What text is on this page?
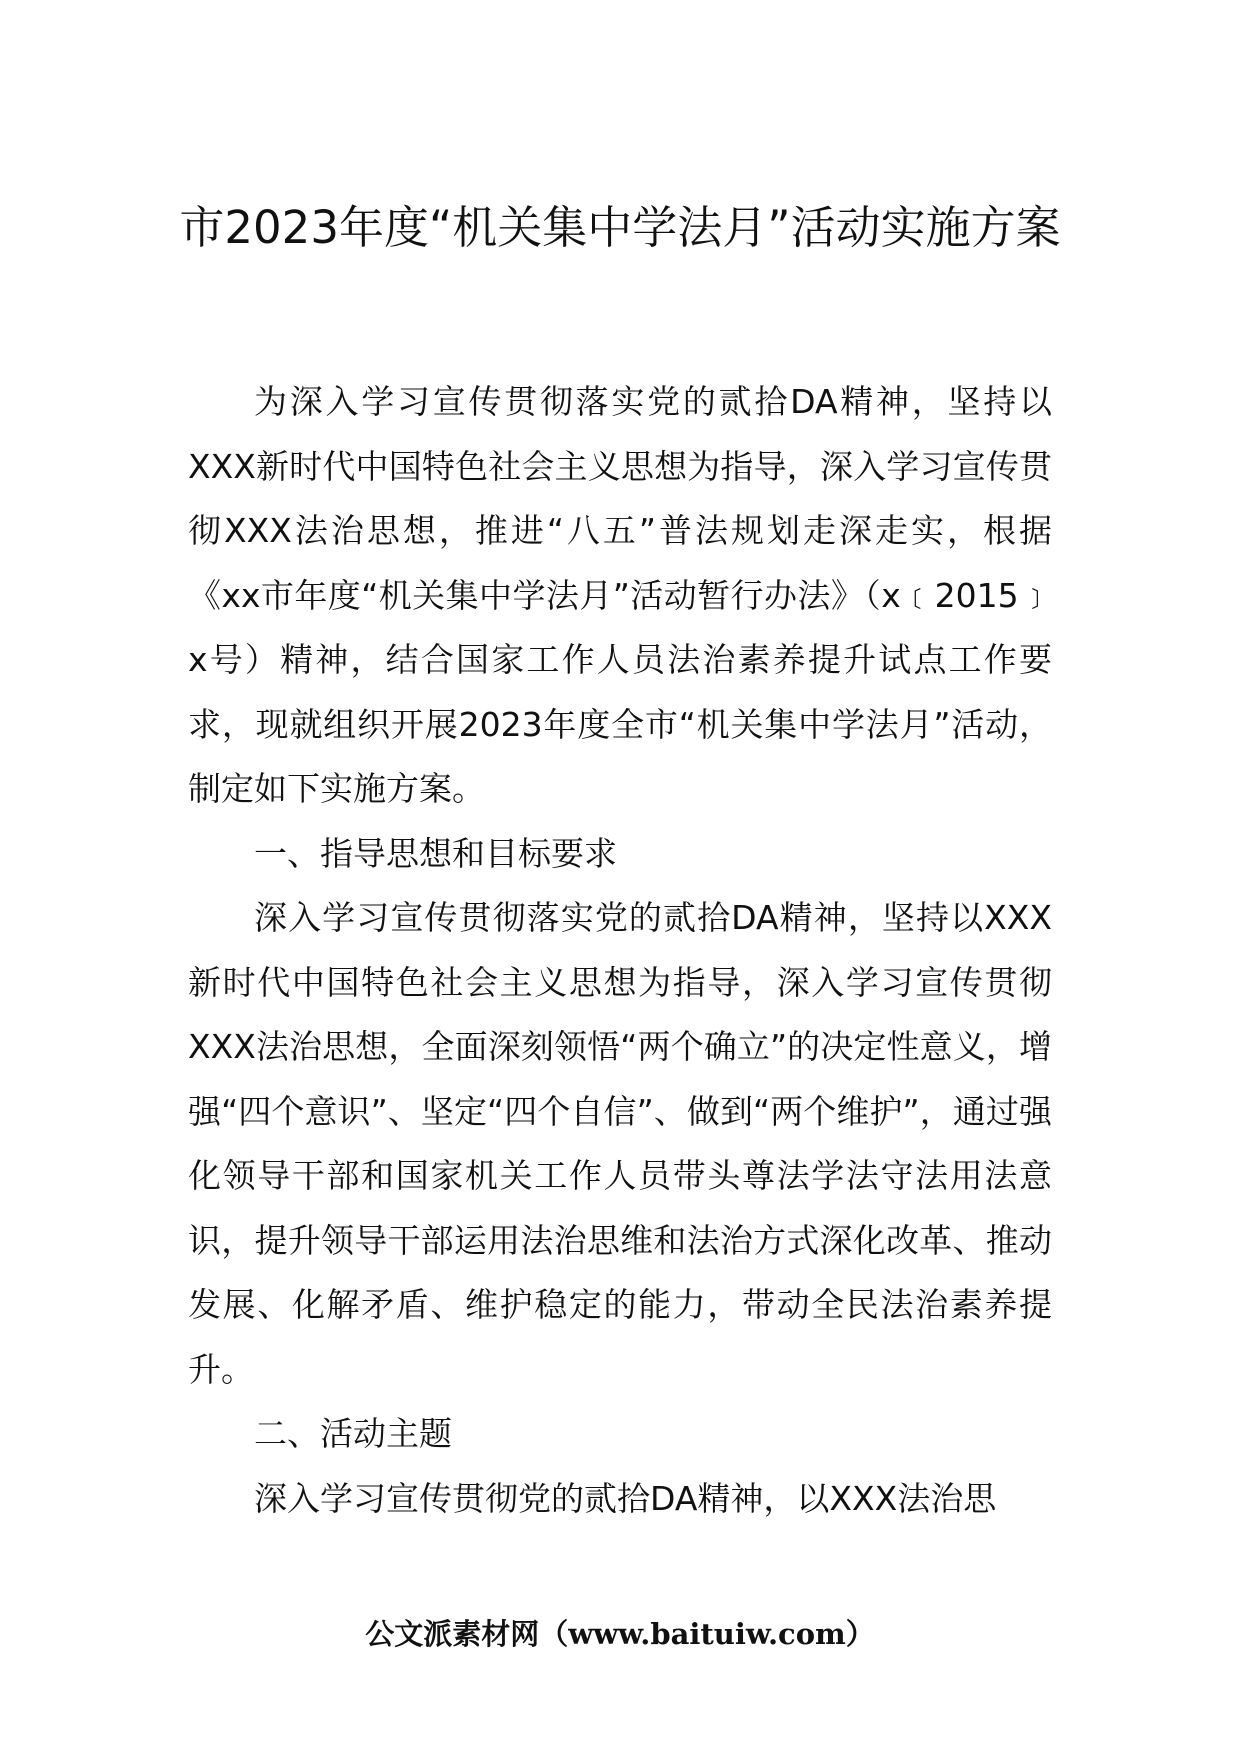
市2023年度“机关集中学法月”活动实施方案

为深入学习宣传贯彻落实党的贰拾DA精神，坚持以XXX新时代中国特色社会主义思想为指导，深入学习宣传贯彻XXX法治思想，推进“八五”普法规划走深走实，根据《xx市年度“机关集中学法月”活动暂行办法》（x﹝2015﹞x号）精神，结合国家工作人员法治素养提升试点工作要求，现就组织开展2023年度全市“机关集中学法月”活动，制定如下实施方案。

一、指导思想和目标要求

深入学习宣传贯彻落实党的贰拾DA精神，坚持以XXX新时代中国特色社会主义思想为指导，深入学习宣传贯彻XXX法治思想，全面深刻领悟“两个确立”的决定性意义，增强“四个意识”、坚定“四个自信”、做到“两个维护”，通过强化领导干部和国家机关工作人员带头尊法学法守法用法意识，提升领导干部运用法治思维和法治方式深化改革、推动发展、化解矛盾、维护稳定的能力，带动全民法治素养提升。

二、活动主题

深入学习宣传贯彻党的贰拾DA精神，以XXX法治思

公文派素材网（www.baituiw.com）
